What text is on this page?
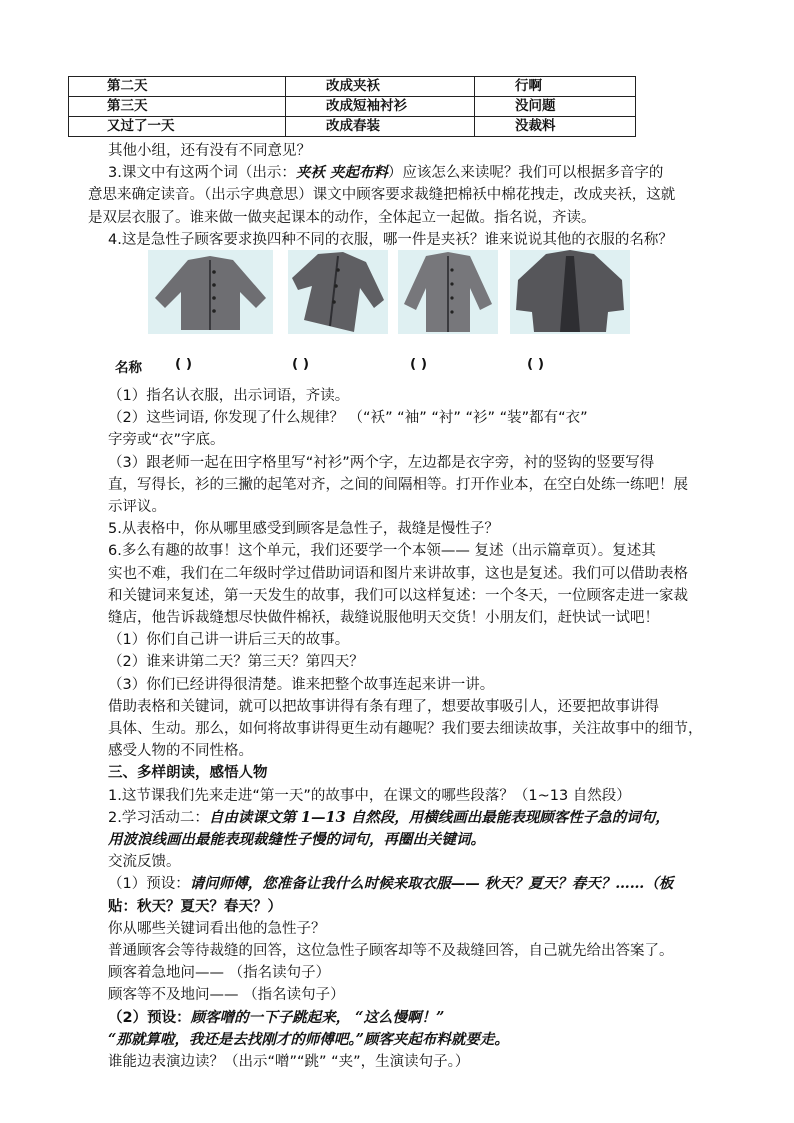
第二天	改成夹袄	行啊
第三天	改成短袖衬衫	没问题
又过了一天	改成春装	没裁料
其他小组，还有没有不同意见？
3.课文中有这两个词（出示：夹袄 夹起布料）应该怎么来读呢？我们可以根据多音字的
意思来确定读音。（出示字典意思）课文中顾客要求裁缝把棉袄中棉花拽走，改成夹袄，这就
是双层衣服了。谁来做一做夹起课本的动作，全体起立一起做。指名说，齐读。
4.这是急性子顾客要求换四种不同的衣服，哪一件是夹袄？谁来说说其他的衣服的名称？
名称 ( )	( )	( )	( )
（1）指名认衣服，出示词语，齐读。
（2）这些词语, 你发现了什么规律？ （“袄” “袖” “衬” “衫” “装”都有“衣”
字旁或“衣”字底。
（3）跟老师一起在田字格里写“衬衫”两个字，左边都是衣字旁，衬的竖钩的竖要写得
直，写得长，衫的三撇的起笔对齐，之间的间隔相等。打开作业本，在空白处练一练吧！展
示评议。
5.从表格中，你从哪里感受到顾客是急性子，裁缝是慢性子？
6.多么有趣的故事！这个单元，我们还要学一个本领—— 复述（出示篇章页）。复述其
实也不难，我们在二年级时学过借助词语和图片来讲故事，这也是复述。我们可以借助表格
和关键词来复述，第一天发生的故事，我们可以这样复述：一个冬天，一位顾客走进一家裁
缝店，他告诉裁缝想尽快做件棉袄，裁缝说服他明天交货！小朋友们，赶快试一试吧！
（1）你们自己讲一讲后三天的故事。
（2）谁来讲第二天？第三天？第四天？
（3）你们已经讲得很清楚。谁来把整个故事连起来讲一讲。
借助表格和关键词，就可以把故事讲得有条有理了，想要故事吸引人，还要把故事讲得
具体、生动。那么，如何将故事讲得更生动有趣呢？我们要去细读故事，关注故事中的细节，
感受人物的不同性格。
三、多样朗读，感悟人物
1.这节课我们先来走进“第一天”的故事中，在课文的哪些段落？（1~13 自然段）
2.学习活动二：自由读课文第 1—13 自然段，用横线画出最能表现顾客性子急的词句，
用波浪线画出最能表现裁缝性子慢的词句，再圈出关键词。
交流反馈。
（1）预设：请问师傅，您准备让我什么时候来取衣服—— 秋天？夏天？春天？……（板
贴：秋天？夏天？春天？）
你从哪些关键词看出他的急性子？
普通顾客会等待裁缝的回答，这位急性子顾客却等不及裁缝回答，自己就先给出答案了。
顾客着急地问—— （指名读句子）
顾客等不及地问—— （指名读句子）
（2）预设：顾客噌的一下子跳起来， “这么慢啊！”
“那就算啦，我还是去找刚才的师傅吧。”顾客夹起布料就要走。
谁能边表演边读？（出示“噌”“跳” “夹”，生演读句子。）
